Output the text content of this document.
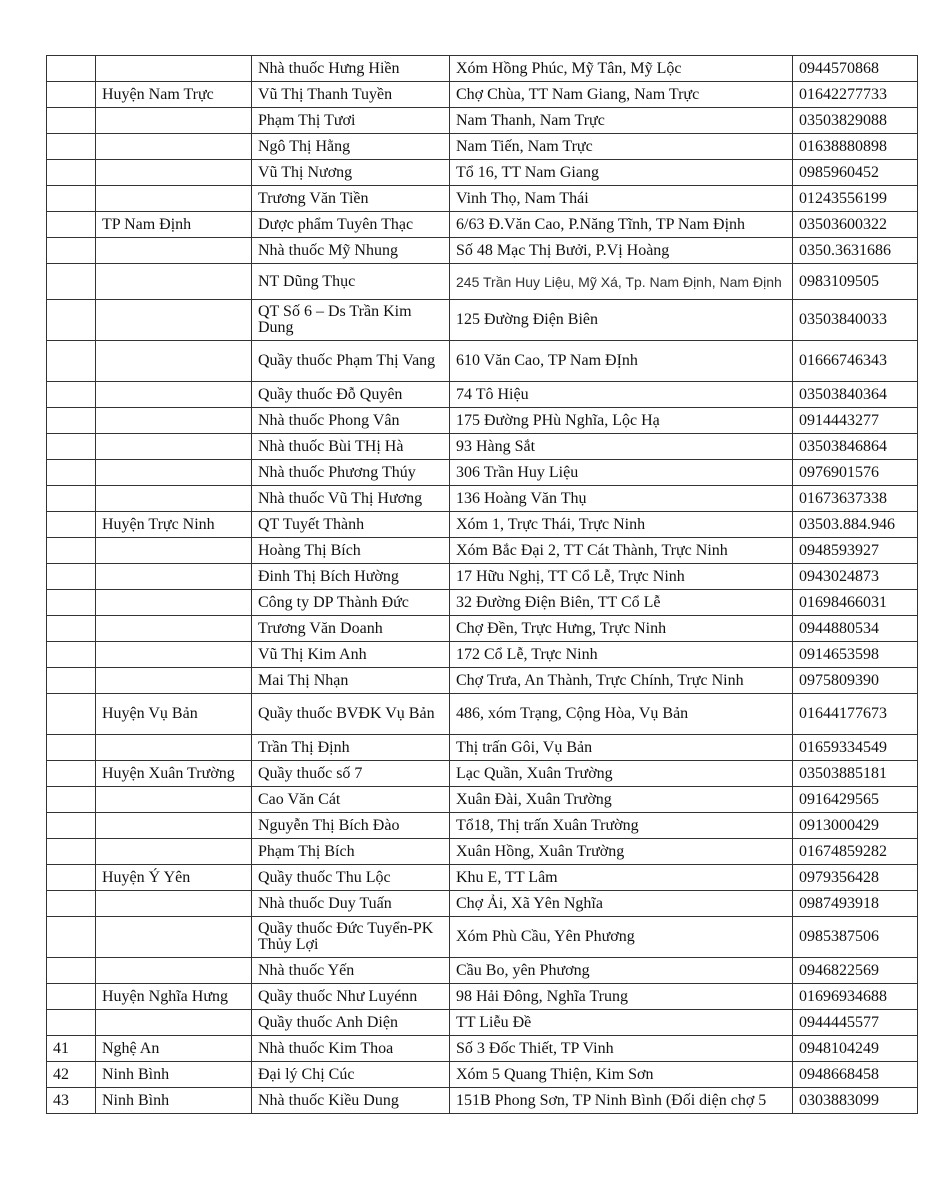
		Nhà thuốc Hưng Hiền	Xóm Hồng Phúc, Mỹ Tân, Mỹ Lộc	0944570868
	Huyện Nam Trực	Vũ Thị Thanh Tuyền	Chợ Chùa, TT Nam Giang, Nam Trực	01642277733
		Phạm Thị Tươi	Nam Thanh, Nam Trực	03503829088
		Ngô Thị Hằng	Nam Tiến, Nam Trực	01638880898
		Vũ Thị Nương	Tổ 16, TT Nam Giang	0985960452
		Trương Văn Tiền	Vinh Thọ, Nam Thái	01243556199
	TP Nam Định	Dược phẩm Tuyên Thạc	6/63 Đ.Văn Cao, P.Năng Tĩnh, TP Nam Định	03503600322
		Nhà thuốc Mỹ Nhung	Số 48 Mạc Thị Bưởi, P.Vị Hoàng	0350.3631686
		NT Dũng Thục	245 Trần Huy Liệu, Mỹ Xá, Tp. Nam Định, Nam Định	0983109505
		QT Số 6 – Ds Trần Kim Dung	125 Đường Điện Biên	03503840033
		Quầy thuốc Phạm Thị Vang	610 Văn Cao, TP Nam ĐỊnh	01666746343
		Quầy thuốc Đỗ Quyên	74 Tô Hiệu	03503840364
		Nhà thuốc Phong Vân	175 Đường PHù Nghĩa, Lộc Hạ	0914443277
		Nhà thuốc Bùi THị Hà	93 Hàng Sắt	03503846864
		Nhà thuốc Phương Thúy	306 Trần Huy Liệu	0976901576
		Nhà thuốc Vũ Thị Hương	136 Hoàng Văn Thụ	01673637338
	Huyện Trực Ninh	QT Tuyết Thành	Xóm 1, Trực Thái, Trực Ninh	03503.884.946
		Hoàng Thị Bích	Xóm Bắc Đại 2, TT Cát Thành, Trực Ninh	0948593927
		Đinh Thị Bích Hường	17 Hữu Nghị, TT Cổ Lễ, Trực Ninh	0943024873
		Công ty DP Thành Đức	32 Đường Điện Biên, TT Cổ Lễ	01698466031
		Trương Văn Doanh	Chợ Đền, Trực Hưng, Trực Ninh	0944880534
		Vũ Thị Kim Anh	172 Cổ Lễ, Trực Ninh	0914653598
		Mai Thị Nhạn	Chợ Trưa, An Thành, Trực Chính, Trực Ninh	0975809390
	Huyện Vụ Bản	Quầy thuốc BVĐK Vụ Bản	486, xóm Trạng, Cộng Hòa, Vụ Bản	01644177673
		Trần Thị Định	Thị trấn Gôi, Vụ Bản	01659334549
	Huyện Xuân Trường	Quầy thuốc số 7	Lạc Quần, Xuân Trường	03503885181
		Cao Văn Cát	Xuân Đài, Xuân Trường	0916429565
		Nguyễn Thị Bích Đào	Tổ18, Thị trấn Xuân Trường	0913000429
		Phạm Thị Bích	Xuân Hồng, Xuân Trường	01674859282
	Huyện Ý Yên	Quầy thuốc Thu Lộc	Khu E, TT Lâm	0979356428
		Nhà thuốc Duy Tuấn	Chợ Ải, Xã Yên Nghĩa	0987493918
		Quầy thuốc Đức Tuyển-PK Thủy Lợi	Xóm Phù Cầu, Yên Phương	0985387506
		Nhà thuốc Yến	Cầu Bo, yên Phương	0946822569
	Huyện Nghĩa Hưng	Quầy thuốc Như Luyénn	98 Hải Đông, Nghĩa Trung	01696934688
		Quầy thuốc Anh Diện	TT Liễu Đề	0944445577
41	Nghệ An	Nhà thuốc Kim Thoa	Số 3 Đốc Thiết, TP Vinh	0948104249
42	Ninh Bình	Đại lý Chị Cúc	Xóm 5 Quang Thiện, Kim Sơn	0948668458
43	Ninh Bình	Nhà thuốc Kiều Dung	151B Phong Sơn, TP Ninh Bình (Đối diện chợ 5	0303883099
